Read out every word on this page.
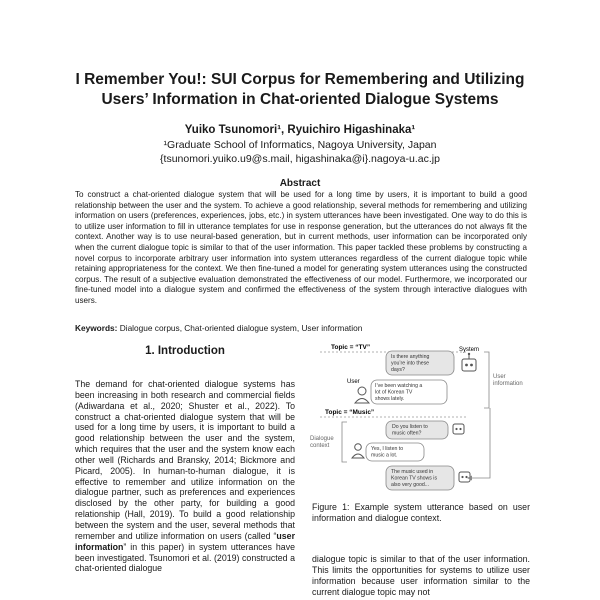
I Remember You!: SUI Corpus for Remembering and Utilizing
Users’ Information in Chat-oriented Dialogue Systems
Yuiko Tsunomori¹, Ryuichiro Higashinaka¹
¹Graduate School of Informatics, Nagoya University, Japan
{tsunomori.yuiko.u9@s.mail, higashinaka@i}.nagoya-u.ac.jp
Abstract
To construct a chat-oriented dialogue system that will be used for a long time by users, it is important to build a good relationship between the user and the system. To achieve a good relationship, several methods for remembering and utilizing information on users (preferences, experiences, jobs, etc.) in system utterances have been investigated. One way to do this is to utilize user information to fill in utterance templates for use in response generation, but the utterances do not always fit the context. Another way is to use neural-based generation, but in current methods, user information can be incorporated only when the current dialogue topic is similar to that of the user information. This paper tackled these problems by constructing a novel corpus to incorporate arbitrary user information into system utterances regardless of the current dialogue topic while retaining appropriateness for the context. We then fine-tuned a model for generating system utterances using the constructed corpus. The result of a subjective evaluation demonstrated the effectiveness of our model. Furthermore, we incorporated our fine-tuned model into a dialogue system and confirmed the effectiveness of the system through interactive dialogues with users.
Keywords: Dialogue corpus, Chat-oriented dialogue system, User information
1. Introduction
The demand for chat-oriented dialogue systems has been increasing in both research and commercial fields (Adiwardana et al., 2020; Shuster et al., 2022). To construct a chat-oriented dialogue system that will be used for a long time by users, it is important to build a good relationship between the user and the system, which requires that the user and the system know each other well (Richards and Bransky, 2014; Bickmore and Picard, 2005). In human-to-human dialogue, it is effective to remember and utilize information on the dialogue partner, such as preferences and experiences disclosed by the other party, for building a good relationship (Hall, 2019). To build a good relationship between the system and the user, several methods that remember and utilize information on users (called “user information” in this paper) in system utterances have been investigated. Tsunomori et al. (2019) constructed a chat-oriented dialogue
Topic = “TV”
Topic = “Music”
System
User
Is there anything
you’re into these
days?
I’ve been watching a
lot of Korean TV
shows lately.
User information
Do you listen to
music often?
Yes, I listen to
music a lot.
Dialogue context
The music used in
Korean TV shows is
also very good...
Figure 1: Example system utterance based on user information and dialogue context.
dialogue topic is similar to that of the user information. This limits the opportunities for systems to utilize user information because user information similar to the current dialogue topic may not
